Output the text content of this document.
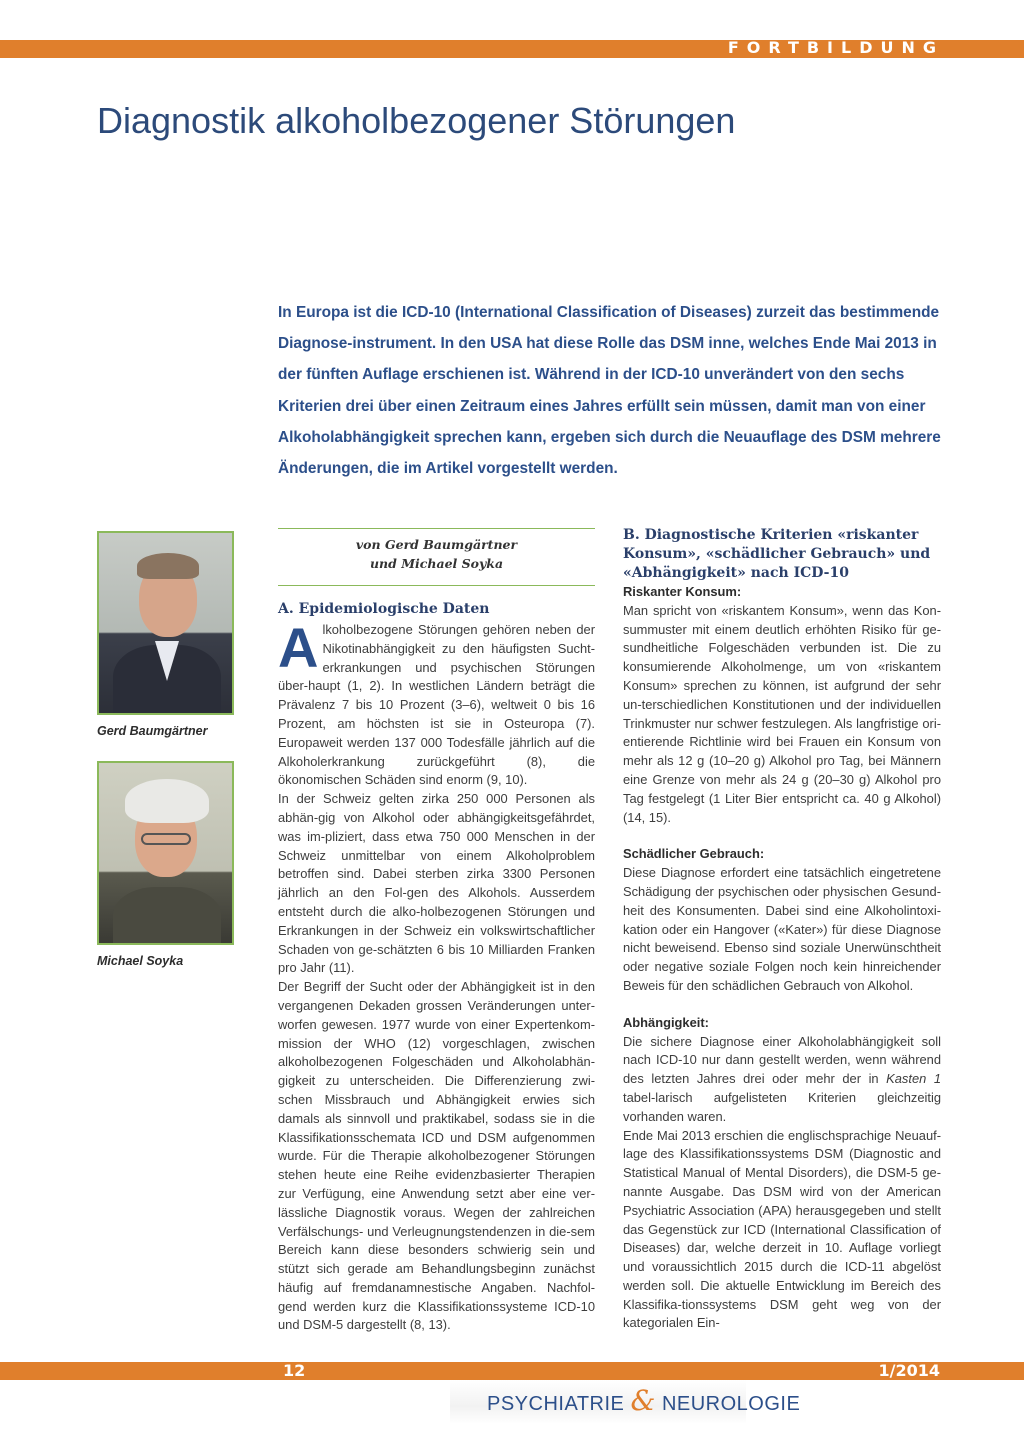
FORTBILDUNG
Diagnostik alkoholbezogener Störungen

In Europa ist die ICD-10 (International Classification of Diseases) zurzeit das bestimmende Diagnose-instrument. In den USA hat diese Rolle das DSM inne, welches Ende Mai 2013 in der fünften Auflage erschienen ist. Während in der ICD-10 unverändert von den sechs Kriterien drei über einen Zeitraum eines Jahres erfüllt sein müssen, damit man von einer Alkoholabhängigkeit sprechen kann, ergeben sich durch die Neuauflage des DSM mehrere Änderungen, die im Artikel vorgestellt werden.

Gerd Baumgärtner

Michael Soyka

von Gerd Baumgärtner
und Michael Soyka
A. Epidemiologische Daten

Alkoholbezogene Störungen gehören neben der Nikotinabhängigkeit zu den häufigsten Sucht-erkrankungen und psychischen Störungen über-haupt (1, 2). In westlichen Ländern beträgt die Prävalenz 7 bis 10 Prozent (3–6), weltweit 0 bis 16 Prozent, am höchsten ist sie in Osteuropa (7). Europaweit werden 137 000 Todesfälle jährlich auf die Alkoholerkrankung zurückgeführt (8), die ökonomischen Schäden sind enorm (9, 10).

In der Schweiz gelten zirka 250 000 Personen als abhän-gig von Alkohol oder abhängigkeitsgefährdet, was im-pliziert, dass etwa 750 000 Menschen in der Schweiz unmittelbar von einem Alkoholproblem betroffen sind. Dabei sterben zirka 3300 Personen jährlich an den Fol-gen des Alkohols. Ausserdem entsteht durch die alko-holbezogenen Störungen und Erkrankungen in der Schweiz ein volkswirtschaftlicher Schaden von ge-schätzten 6 bis 10 Milliarden Franken pro Jahr (11).

Der Begriff der Sucht oder der Abhängigkeit ist in den vergangenen Dekaden grossen Veränderungen unter-worfen gewesen. 1977 wurde von einer Expertenkom-mission der WHO (12) vorgeschlagen, zwischen alkoholbezogenen Folgeschäden und Alkoholabhän-gigkeit zu unterscheiden. Die Differenzierung zwi-schen Missbrauch und Abhängigkeit erwies sich damals als sinnvoll und praktikabel, sodass sie in die Klassifikationsschemata ICD und DSM aufgenommen wurde. Für die Therapie alkoholbezogener Störungen stehen heute eine Reihe evidenzbasierter Therapien zur Verfügung, eine Anwendung setzt aber eine ver-lässliche Diagnostik voraus. Wegen der zahlreichen Verfälschungs- und Verleugnungstendenzen in die-sem Bereich kann diese besonders schwierig sein und stützt sich gerade am Behandlungsbeginn zunächst häufig auf fremdanamnestische Angaben. Nachfol-gend werden kurz die Klassifikationssysteme ICD-10 und DSM-5 dargestellt (8, 13).

B. Diagnostische Kriterien «riskanter Konsum», «schädlicher Gebrauch» und «Abhängigkeit» nach ICD-10

Riskanter Konsum:

Man spricht von «riskantem Konsum», wenn das Kon-summuster mit einem deutlich erhöhten Risiko für ge-sundheitliche Folgeschäden verbunden ist. Die zu konsumierende Alkoholmenge, um von «riskantem Konsum» sprechen zu können, ist aufgrund der sehr un-terschiedlichen Konstitutionen und der individuellen Trinkmuster nur schwer festzulegen. Als langfristige ori-entierende Richtlinie wird bei Frauen ein Konsum von mehr als 12 g (10–20 g) Alkohol pro Tag, bei Männern eine Grenze von mehr als 24 g (20–30 g) Alkohol pro Tag festgelegt (1 Liter Bier entspricht ca. 40 g Alkohol) (14, 15).

Schädlicher Gebrauch:

Diese Diagnose erfordert eine tatsächlich eingetretene Schädigung der psychischen oder physischen Gesund-heit des Konsumenten. Dabei sind eine Alkoholintoxi-kation oder ein Hangover («Kater») für diese Diagnose nicht beweisend. Ebenso sind soziale Unerwünschtheit oder negative soziale Folgen noch kein hinreichender Beweis für den schädlichen Gebrauch von Alkohol.

Abhängigkeit:

Die sichere Diagnose einer Alkoholabhängigkeit soll nach ICD-10 nur dann gestellt werden, wenn während des letzten Jahres drei oder mehr der in Kasten 1 tabel-larisch aufgelisteten Kriterien gleichzeitig vorhanden waren.

Ende Mai 2013 erschien die englischsprachige Neuauf-lage des Klassifikationssystems DSM (Diagnostic and Statistical Manual of Mental Disorders), die DSM-5 ge-nannte Ausgabe. Das DSM wird von der American Psychiatric Association (APA) herausgegeben und stellt das Gegenstück zur ICD (International Classification of Diseases) dar, welche derzeit in 10. Auflage vorliegt und voraussichtlich 2015 durch die ICD-11 abgelöst werden soll. Die aktuelle Entwicklung im Bereich des Klassifika-tionssystems DSM geht weg von der kategorialen Ein-

12	1/2014
PSYCHIATRIE & NEUROLOGIE
